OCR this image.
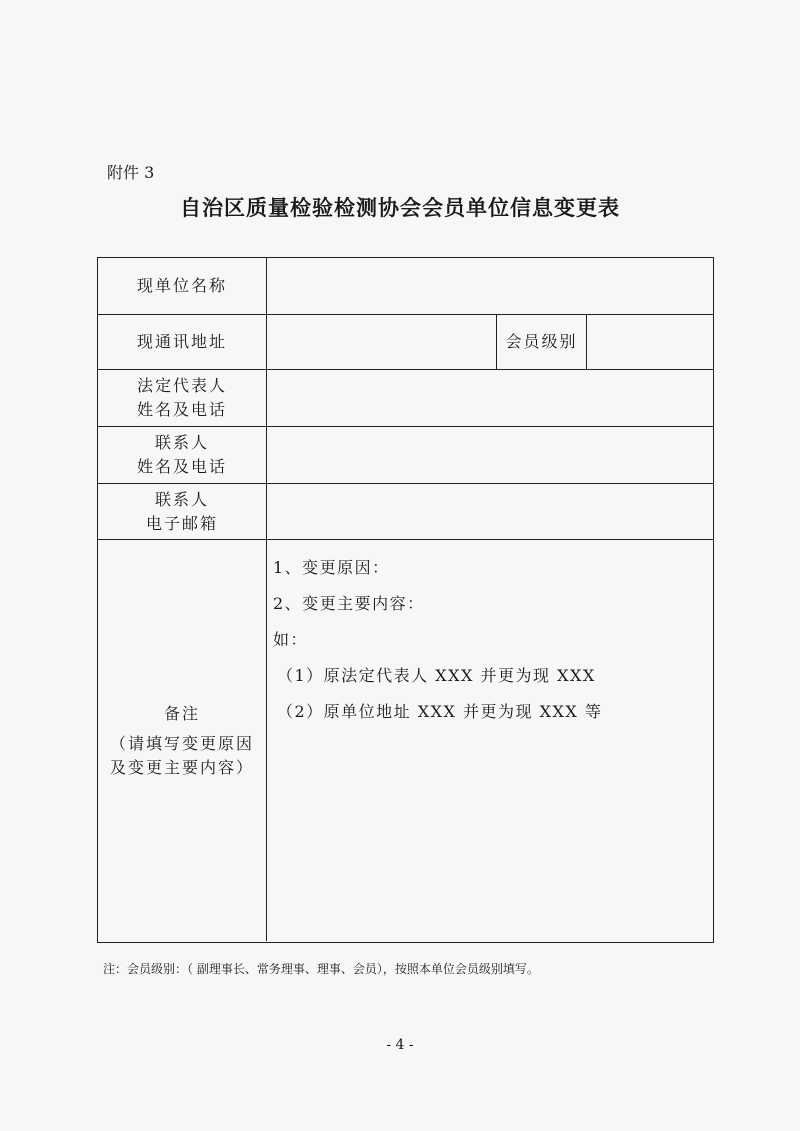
附件 3
自治区质量检验检测协会会员单位信息变更表
现单位名称
现通讯地址	会员级别
法定代表人
姓名及电话
联系人
姓名及电话
联系人
电子邮箱
备注
（请填写变更原因
及变更主要内容）
1、变更原因：
2、变更主要内容：
如：
（1）原法定代表人 XXX 并更为现 XXX
（2）原单位地址 XXX 并更为现 XXX 等
注：会员级别：（ 副理事长、常务理事、理事、会员），按照本单位会员级别填写。
- 4 -
